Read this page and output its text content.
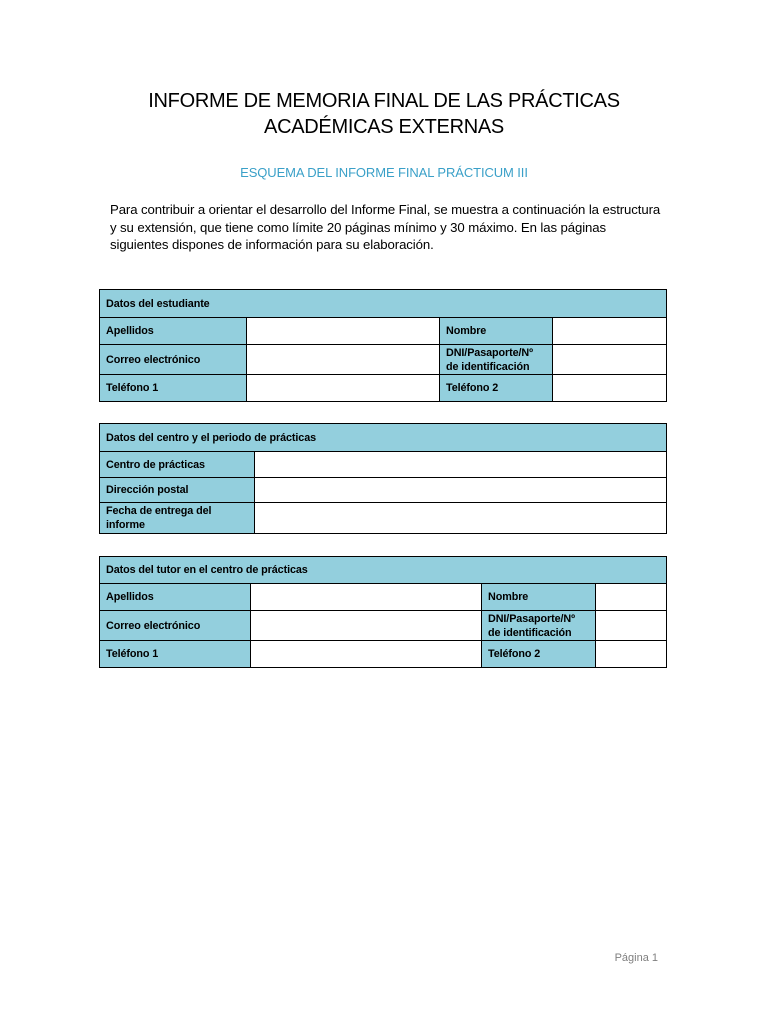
INFORME DE MEMORIA FINAL DE LAS PRÁCTICAS
ACADÉMICAS EXTERNAS
ESQUEMA DEL INFORME FINAL PRÁCTICUM III
Para contribuir a orientar el desarrollo del Informe Final, se muestra a continuación la estructura y su extensión, que tiene como límite 20 páginas mínimo y 30 máximo. En las páginas siguientes dispones de información para su elaboración.
Datos del estudiante			
Apellidos		Nombre	
Correo electrónico		DNI/Pasaporte/Nº de identificación	
Teléfono 1		Teléfono 2	
Datos del centro y el periodo de prácticas	
Centro de prácticas	
Dirección postal	
Fecha de entrega del informe	
Datos del tutor en el centro de prácticas			
Apellidos		Nombre	
Correo electrónico		DNI/Pasaporte/Nº de identificación	
Teléfono 1		Teléfono 2	
Página 1
